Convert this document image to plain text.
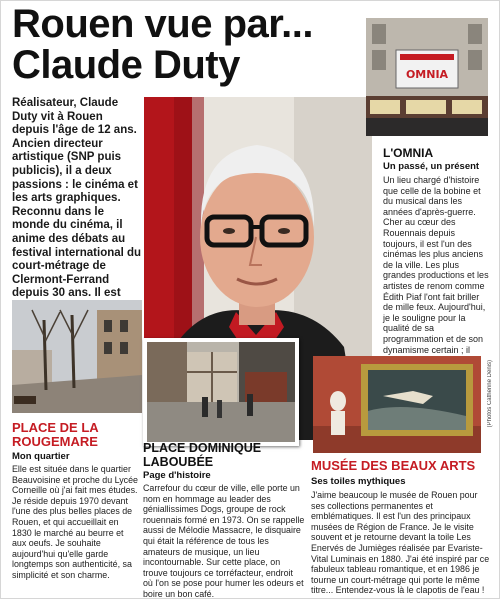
Rouen vue par...
Claude Duty
Réalisateur, Claude Duty vit à Rouen depuis l'âge de 12 ans. Ancien directeur artistique (SNP puis publicis), il a deux passions : le cinéma et les arts graphiques. Reconnu dans le monde du cinéma, il anime des débats au festival international du court-métrage de Clermont-Ferrand depuis 30 ans. Il est
OMNIA
L'OMNIA
Un passé, un présent
Un lieu chargé d'histoire que celle de la bobine et du musical dans les années d'après-guerre. Cher au cœur des Rouennais depuis toujours, il est l'un des cinémas les plus anciens de la ville. Les plus grandes productions et les artistes de renom comme Édith Piaf l'ont fait briller de mille feux. Aujourd'hui, je le souligne pour la qualité de sa programmation et de son dynamisme certain ; il
(Photos Catherine Denis)
PLACE DE LA
ROUGEMARE
Mon quartier
Elle est située dans le quartier Beauvoisine et proche du Lycée Corneille où j'ai fait mes études. Je réside depuis 1970 devant l'une des plus belles places de Rouen, et qui accueillait en 1830 le marché au beurre et aux oeufs. Je souhaite aujourd'hui qu'elle garde longtemps son authenticité, sa simplicité et son charme.
PLACE DOMINIQUE
LABOUBÉE
Page d'histoire
Carrefour du cœur de ville, elle porte un nom en hommage au leader des géniallissimes Dogs, groupe de rock rouennais formé en 1973. On se rappelle aussi de Mélodie Massacre, le disquaire qui était la référence de tous les amateurs de musique, un lieu incontournable. Sur cette place, on trouve toujours ce torréfacteur, endroit où l'on se pose pour humer les odeurs et boire un bon café.
MUSÉE DES BEAUX ARTS
Ses toiles mythiques
J'aime beaucoup le musée de Rouen pour ses collections permanentes et emblématiques. Il est l'un des principaux musées de Région de France. Je le visite souvent et je retourne devant la toile Les Enervés de Jumièges réalisée par Evariste-Vital Luminais en 1880. J'ai été inspiré par ce fabuleux tableau romantique, et en 1986 je tourne un court-métrage qui porte le même titre... Entendez-vous là le clapotis de l'eau !
